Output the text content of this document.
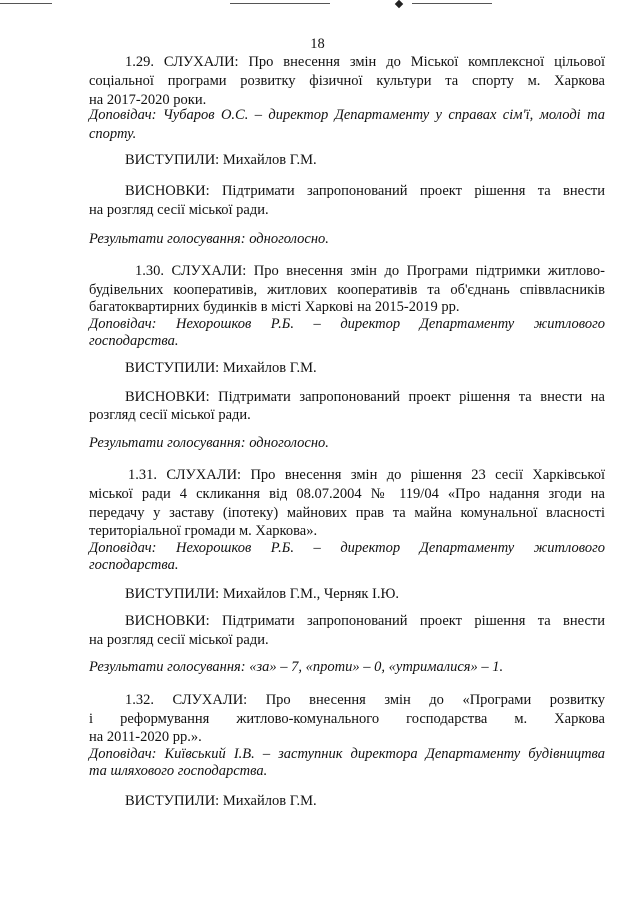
18
1.29. СЛУХАЛИ: Про внесення змін до Міської комплексної цільової
соціальної програми розвитку фізичної культури та спорту м. Харкова
на 2017-2020 роки.
Доповідач: Чубаров О.С. – директор Департаменту у справах сім'ї, молоді та
спорту.
ВИСТУПИЛИ: Михайлов Г.М.
ВИСНОВКИ: Підтримати запропонований проект рішення та внести
на розгляд сесії міської ради.
Результати голосування: одноголосно.
1.30. СЛУХАЛИ: Про внесення змін до Програми підтримки житлово-
будівельних кооперативів, житлових кооперативів та об'єднань співвласників
багатоквартирних будинків в місті Харкові на 2015-2019 рр.
Доповідач: Нехорошков Р.Б. – директор Департаменту житлового
господарства.
ВИСТУПИЛИ: Михайлов Г.М.
ВИСНОВКИ: Підтримати запропонований проект рішення та внести на
розгляд сесії міської ради.
Результати голосування: одноголосно.
1.31. СЛУХАЛИ: Про внесення змін до рішення 23 сесії Харківської
міської ради 4 скликання від 08.07.2004 № 119/04 «Про надання згоди на
передачу у заставу (іпотеку) майнових прав та майна комунальної власності
територіальної громади м. Харкова».
Доповідач: Нехорошков Р.Б. – директор Департаменту житлового
господарства.
ВИСТУПИЛИ: Михайлов Г.М., Черняк І.Ю.
ВИСНОВКИ: Підтримати запропонований проект рішення та внести
на розгляд сесії міської ради.
Результати голосування: «за» – 7, «проти» – 0, «утрималися» – 1.
1.32. СЛУХАЛИ: Про внесення змін до «Програми розвитку
і реформування житлово-комунального господарства м. Харкова
на 2011-2020 рр.».
Доповідач: Київський І.В. – заступник директора Департаменту будівництва
та шляхового господарства.
ВИСТУПИЛИ: Михайлов Г.М.
